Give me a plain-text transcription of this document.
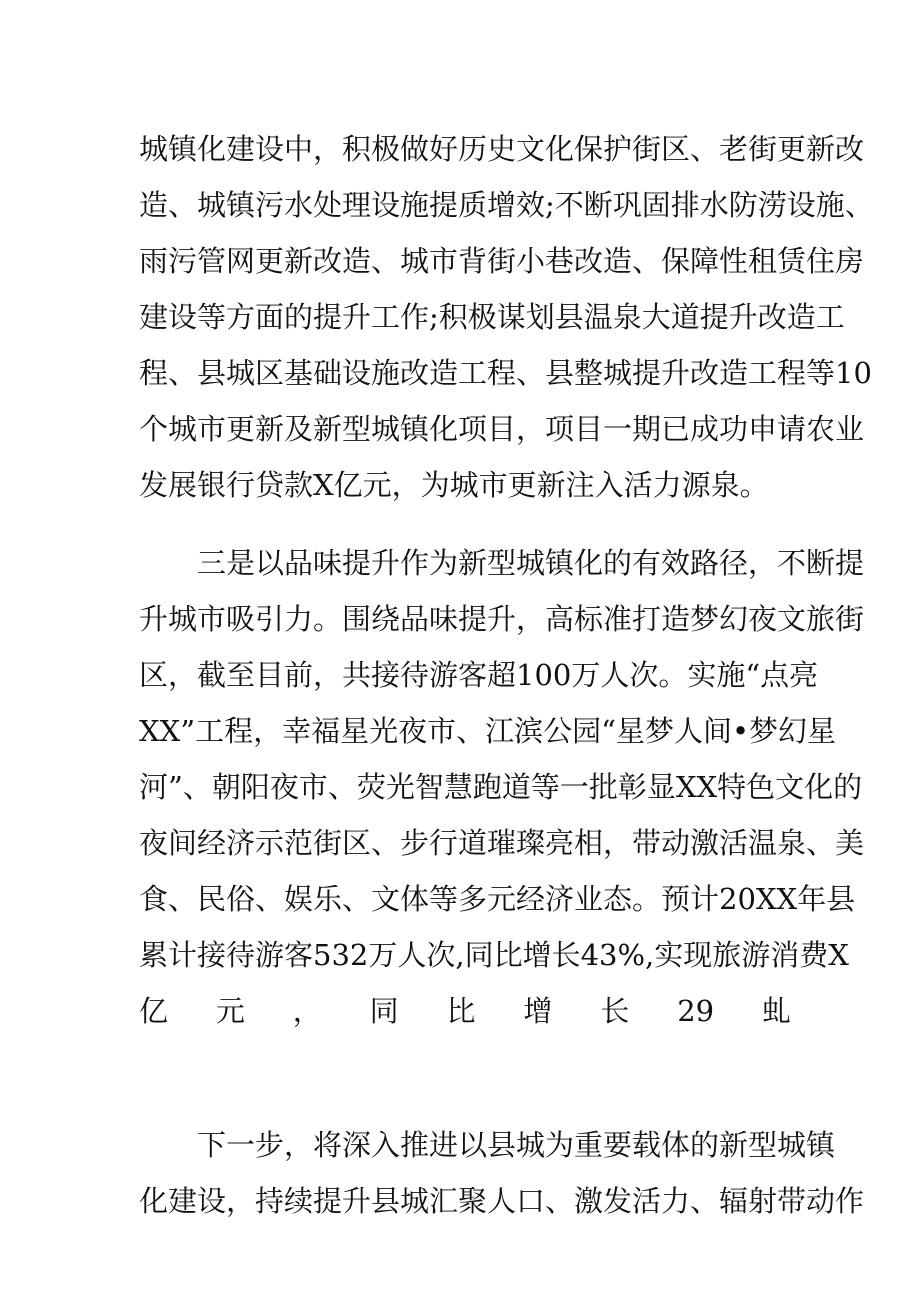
城镇化建设中，积极做好历史文化保护街区、老街更新改
造、城镇污水处理设施提质增效;不断巩固排水防涝设施、
雨污管网更新改造、城市背街小巷改造、保障性租赁住房
建设等方面的提升工作;积极谋划县温泉大道提升改造工
程、县城区基础设施改造工程、县整城提升改造工程等10
个城市更新及新型城镇化项目，项目一期已成功申请农业
发展银行贷款X亿元，为城市更新注入活力源泉。
　　三是以品味提升作为新型城镇化的有效路径，不断提
升城市吸引力。围绕品味提升，高标准打造梦幻夜文旅街
区，截至目前，共接待游客超100万人次。实施“点亮
XX”工程，幸福星光夜市、江滨公园“星梦人间•梦幻星
河”、朝阳夜市、荧光智慧跑道等一批彰显XX特色文化的
夜间经济示范街区、步行道璀璨亮相，带动激活温泉、美
食、民俗、娱乐、文体等多元经济业态。预计20XX年县
累计接待游客532万人次,同比增长43%,实现旅游消费X
亿元，同比增长29虬
　　下一步，将深入推进以县城为重要载体的新型城镇
化建设，持续提升县城汇聚人口、激发活力、辐射带动作
